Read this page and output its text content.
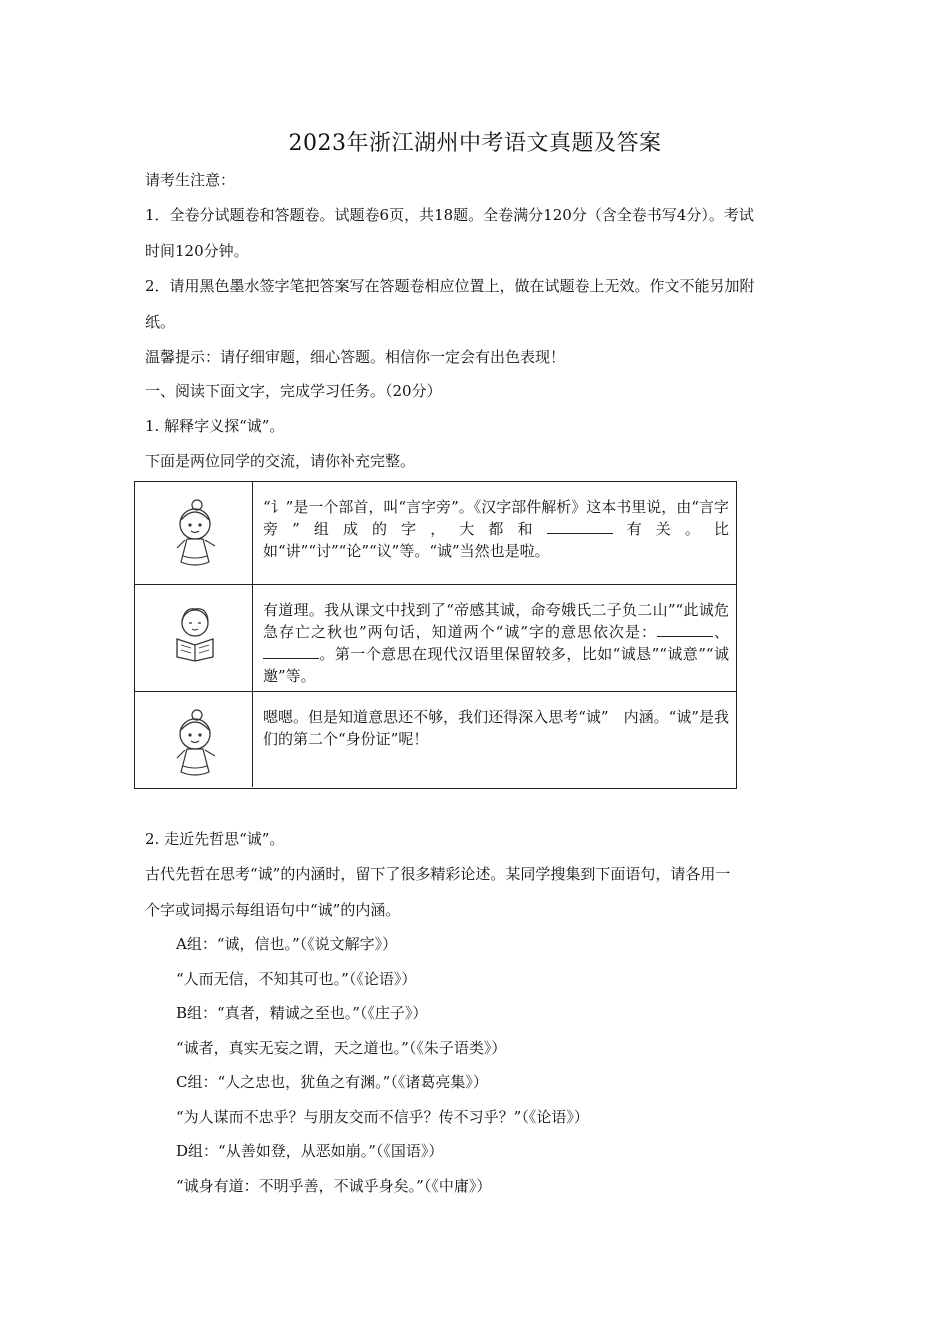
2023年浙江湖州中考语文真题及答案
请考生注意：
1．全卷分试题卷和答题卷。试题卷6页，共18题。全卷满分120分（含全卷书写4分）。考试
时间120分钟。
2．请用黑色墨水签字笔把答案写在答题卷相应位置上，做在试题卷上无效。作文不能另加附
纸。
温馨提示：请仔细审题，细心答题。相信你一定会有出色表现！
一、阅读下面文字，完成学习任务。（20分）
1. 解释字义探“诚”。
下面是两位同学的交流，请你补充完整。
“讠”是一个部首，叫“言字旁”。《汉字部件解析》这本书里说，由“言字旁”组成的字，大都和	有关。比如“讲”“讨”“论”“议”等。“诚”当然也是啦。
有道理。我从课文中找到了“帝感其诚，命夸娥氏二子负二山”“此诚危急存亡之秋也”两句话，知道两个“诚”字的意思依次是：	、。第一个意思在现代汉语里保留较多，比如“诚恳”“诚意”“诚邀”等。
嗯嗯。但是知道意思还不够，我们还得深入思考“诚”　内涵。“诚”是我们的第二个“身份证”呢！
2. 走近先哲思“诚”。
古代先哲在思考“诚”的内涵时，留下了很多精彩论述。某同学搜集到下面语句，请各用一
个字或词揭示每组语句中“诚”的内涵。
A组：“诚，信也。”（《说文解字》）
“人而无信，不知其可也。”（《论语》）
B组：“真者，精诚之至也。”（《庄子》）
“诚者，真实无妄之谓，天之道也。”（《朱子语类》）
C组：“人之忠也，犹鱼之有渊。”（《诸葛亮集》）
“为人谋而不忠乎？与朋友交而不信乎？传不习乎？”（《论语》）
D组：“从善如登，从恶如崩。”（《国语》）
“诚身有道：不明乎善，不诚乎身矣。”（《中庸》）
